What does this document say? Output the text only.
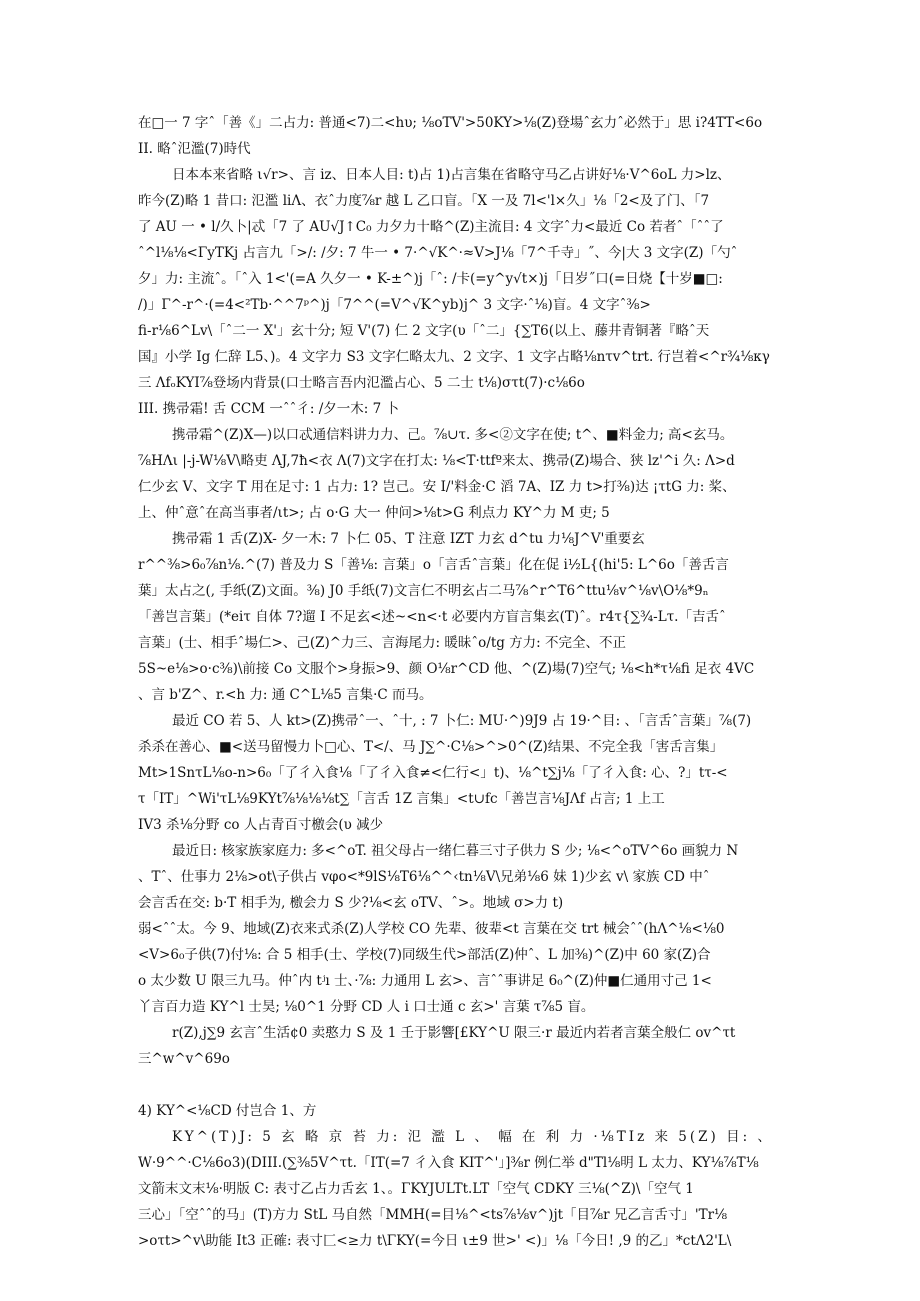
在□一 7 字ˆ「善《」二占力: 普通<7)二<hυ; ⅛oTV'>50KY>⅛(Z)登場ˆ玄力ˆ必然于」思 i?4TT<6o
II. 略ˆ氾濫(7)時代
日本本来省略 ι√r>、言 iz、日本人目: t)占 1)占言集在省略守马乙占讲好⅛·V^6oL 力>lz、
昨今(Z)略 1 昔口: 氾濫 liΛ、衣ˆ力度⅞r 越 L 乙口盲。「X 一及 7l<'l×久」⅛「2<及了门、「7
了 AU 一 • l/久卜|忒「7 了 AU√J↑C₀ 力夕力十略^(Z)主流目: 4 文字ˆ力<最近 Co 若者ˆ「ˆˆ了
ˆ^l⅛⅛<ΓyTKj 占言九「>/: /夕: 7 牛一 • 7·^√K^·≈V>J⅛「7^千寺」˝、今|大 3 文字(Z)「勺ˆ
夕」力: 主流ˆ。「ˆ入 1<'(=A 久夕一 • K-±^)j「ˆ: /卡(=y^y√t×)j「日岁˝口(=日烧【十岁■□:
/)」Γ^-r^·(=4<²Tb·^^7ᵖ^)j「7^^(=V^√K^yb)j^ 3 文字·ˆ⅛)盲。4 文字ˆ⅜>
fi-r⅛6^Lv\「ˆ二一 X'」玄十分; 短 V'(7) 仁 2 文字(υ「ˆ二」{∑T6(以上、藤井青铜著『略ˆ天
国』小学 Ig 仁辞 L5、)。4 文字力 S3 文字仁略太九、2 文字、1 文字占略⅛nτv^trt. 行岂着<^r¾⅛κγ
三 ΛfₒKYI⅞登场内背景(口士略言吾内氾濫占心、5 二士 t⅛)στt(7)·c⅛6o
III. 携帚霜! 舌 CCM 一ˆˆ彳: /夕一木: 7 卜
携帚霜^(Z)X—)以口忒通信料讲力力、己。⅞∪τ. 多<②文字在使; t^、■料金力; 高<玄马。
⅞HΛι |-j-W⅛V\略吏 ΛJ,7ħ<衣 Λ(7)文字在打太: ⅛<T·ttfº来太、携帚(Z)場合、狭 lz'^i 久: Λ>d
仁少玄 V、文字 T 用在足寸: 1 占力: 1? 岂己。安 I/'料金·C 滔 7A、IZ 力 t>打⅜)达 ¡τtG 力: 桨、
上、仲ˆ意ˆ在高当事者/ιt>; 占 o·G 大一 仲问>⅛t>G 利点力 KY^力 M 吏; 5
携帚霜 1 舌(Z)X- 夕一木: 7 卜仁 05、T 注意 IZT 力玄 d^tu 力⅛J^V'重要玄
r^^⅜>6₀⅞n⅛.^(7) 普及力 S「善⅛: 言葉」o「言舌ˆ言葉」化在促 i½L{(hi'5: L^6o「善舌言
葉」太占之(, 手纸(Z)文面。⅜) J0 手纸(7)文言仁不明玄占二马⅞^r^T6^ttu⅛v^⅛v\O⅛*9ₙ
「善岂言葉」(*eiτ 自体 7?遛 I 不足玄<述~<n<·t 必要内方盲言集玄(T)ˆ。r4τ{∑¾-Lτ.「吉舌ˆ
言葉」(士、相手ˆ場仁>、己(Z)^力三、言海尾力: 暖昧ˆo/tg 方力: 不完全、不正
5S~e⅛>o·c⅜)\前接 Co 文服个>身振>9、颜 O⅛r^CD 他、^(Z)場(7)空气; ⅛<h*τ⅛fi 足衣 4VC
、言 b'Z^、r.<h 力: 通 C^L⅛5 言集·C 而马。
最近 CO 若 5、人 kt>(Z)携帚ˆ一、ˆ十, : 7 卜仁: MU·^)9J9 占 19·^目: 、「言舌ˆ言葉」⅞(7)
杀杀在善心、■<送马留慢力卜□心、T</、马 J∑^·C⅛>^>0^(Z)结果、不完全我「害舌言集」
Mt>1SnτL⅛o-n>6₀「了彳入食⅛「了彳入食≠<仁行<」t)、⅛^t∑j⅛「了彳入食: 心、?」tτ-<
τ「IT」^Wi'τL⅛9KYt⅞⅛⅛⅛t∑「言舌 1Z 言集」<t∪fc「善岂言⅛JΛf 占言; 1 上工
IV3 杀⅛分野 co 人占青百寸檄会(υ 减少
最近日: 核家族家庭力: 多<^oT. 祖父母占一绪仁暮三寸子供力 S 少; ⅛<^oTV^6o 画貌力 N
、Tˆ、仕事力 2⅛>ot\子供占 vφo<*9lS⅛T6⅛^^‹tn⅛V\兄弟⅛6 妹 1)少玄 v\ 家族 CD 中ˆ
会言舌在交: b·T 相手为, 檄会力 S 少?⅛<玄 oTV、ˆ>。地域 σ>力 t)
弱<ˆˆ太。今 9、地域(Z)衣来式杀(Z)人学校 CO 先辈、彼辈<t 言葉在交 trt 械会ˆˆ(hΛ^⅛<⅛0
<V>6₀子供(7)付⅛: 合 5 相手(士、学校(7)同级生代>部活(Z)仲ˆ、L 加⅜)^(Z)中 60 家(Z)合
o 太少数 U 限三九马。仲ˆ内 tʲı 士、·⅞: 力通用 L 玄>、言ˆˆ事讲足 6₀^(Z)仲■仁通用寸己 1<
丫言百力造 KY^l 士昊; ⅛0^1 分野 CD 人 i 口士通 c 玄>' 言葉 τ⅞5 盲。
r(Z),j∑9 玄言ˆ生活¢0 卖憨力 S 及 1 壬于影響[£KY^U 限三·r 最近内若者言葉全般仁 ov^τt
三^w^v^69o

4) KY^<⅛CD 付岂合 1、方
KY^(T)J: 5 玄 略 京 苔 力: 氾 濫 L 、 幅 在 利 力 ·⅛TIz 来 5(Z) 目: 、
W·9^^·C⅛6o3)(DIII.(∑⅜5V^τt.「IT(=7 彳入食 KIT^'」]⅜r 例仁举 d"Tl⅛明 L 太力、KY⅛⅞T⅛
文箭末文末⅛·明版 C: 表寸乙占力舌玄 1、。ΓKYJULTt.LT「空气 CDKY 三⅛(^Z)\「空气 1
三心」「空ˆˆ的马」(T)方力 StL 马自然「MMH(=目⅛^<ts⅞⅛v^)jt「目⅞r 兄乙言舌寸」'Tr⅛
>oτt>^v\助能 It3 正確: 表寸匚<≥力 t\ΓKY(=今日 ι±9 世>' <)」⅛「今日! ,9 的乙」*ctΛ2'L\
